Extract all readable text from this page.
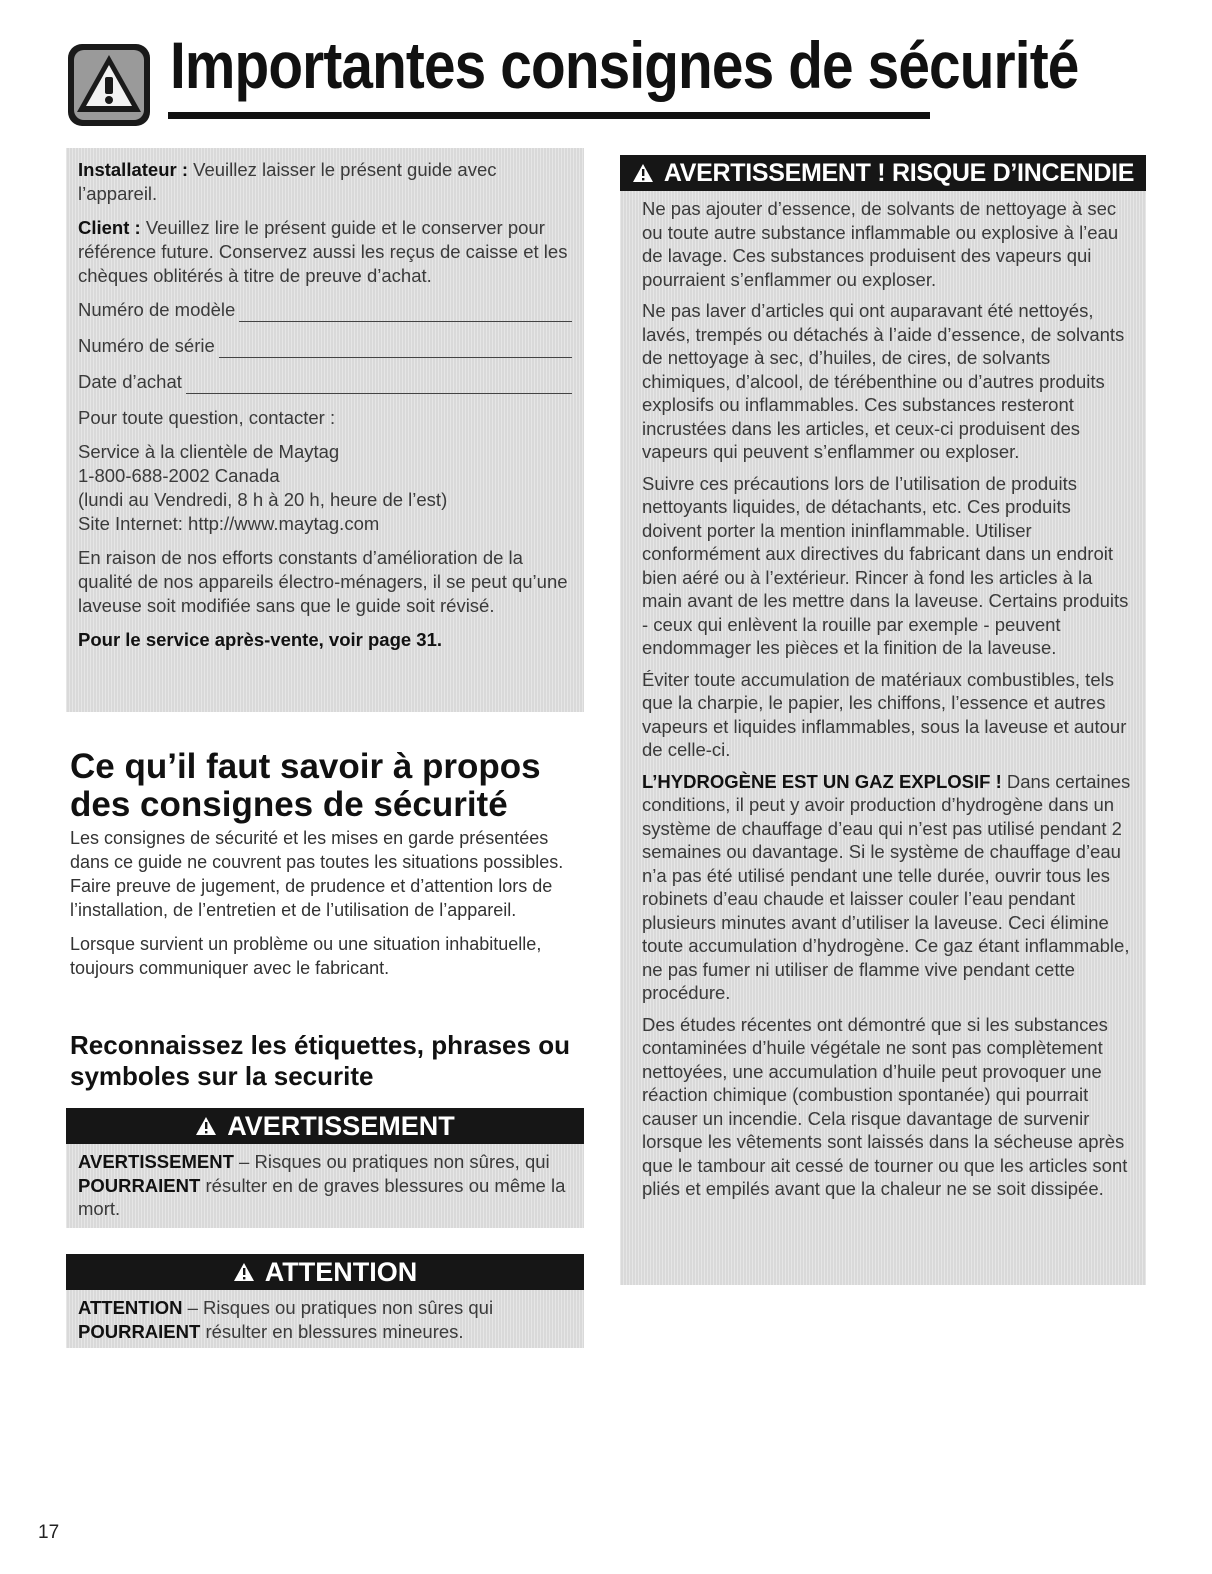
Importantes consignes de sécurité

Installateur : Veuillez laisser le présent guide avec l’appareil.

Client : Veuillez lire le présent guide et le conserver pour référence future. Conservez aussi les reçus de caisse et les chèques oblitérés à titre de preuve d’achat.

Numéro de modèle
Numéro de série
Date d’achat

Pour toute question, contacter :

Service à la clientèle de Maytag

1-800-688-2002 Canada

(lundi au Vendredi, 8 h à 20 h, heure de l’est)

Site Internet: http://www.maytag.com

En raison de nos efforts constants d’amélioration de la qualité de nos appareils électro-ménagers, il se peut qu’une laveuse soit modifiée sans que le guide soit révisé.

Pour le service après-vente, voir page 31.

Ce qu’il faut savoir à propos des consignes de sécurité

Les consignes de sécurité et les mises en garde présentées dans ce guide ne couvrent pas toutes les situations possibles. Faire preuve de jugement, de prudence et d’attention lors de l’installation, de l’entretien et de l’utilisation de l’appareil.

Lorsque survient un problème ou une situation inhabituelle, toujours communiquer avec le fabricant.

Reconnaissez les étiquettes, phrases ou symboles sur la securite
AVERTISSEMENT
AVERTISSEMENT – Risques ou pratiques non sûres, qui POURRAIENT résulter en de graves blessures ou même la mort.
ATTENTION
ATTENTION – Risques ou pratiques non sûres qui POURRAIENT résulter en blessures mineures.
AVERTISSEMENT ! RISQUE D’INCENDIE

Ne pas ajouter d’essence, de solvants de nettoyage à sec ou toute autre substance inflammable ou explosive à l’eau de lavage. Ces substances produisent des vapeurs qui pourraient s’enflammer ou exploser.

Ne pas laver d’articles qui ont auparavant été nettoyés, lavés, trempés ou détachés à l’aide d’essence, de solvants de nettoyage à sec, d’huiles, de cires, de solvants chimiques, d’alcool, de térébenthine ou d’autres produits explosifs ou inflammables. Ces substances resteront incrustées dans les articles, et ceux-ci produisent des vapeurs qui peuvent s’enflammer ou exploser.

Suivre ces précautions lors de l’utilisation de produits nettoyants liquides, de détachants, etc. Ces produits doivent porter la mention ininflammable. Utiliser conformément aux directives du fabricant dans un endroit bien aéré ou à l’extérieur. Rincer à fond les articles à la main avant de les mettre dans la laveuse. Certains produits - ceux qui enlèvent la rouille par exemple - peuvent endommager les pièces et la finition de la laveuse.

Éviter toute accumulation de matériaux combustibles, tels que la charpie, le papier, les chiffons, l’essence et autres vapeurs et liquides inflammables, sous la laveuse et autour de celle-ci.

L’HYDROGÈNE EST UN GAZ EXPLOSIF ! Dans certaines conditions, il peut y avoir production d’hydrogène dans un système de chauffage d’eau qui n’est pas utilisé pendant 2 semaines ou davantage. Si le système de chauffage d’eau n’a pas été utilisé pendant une telle durée, ouvrir tous les robinets d’eau chaude et laisser couler l’eau pendant plusieurs minutes avant d’utiliser la laveuse. Ceci élimine toute accumulation d’hydrogène. Ce gaz étant inflammable, ne pas fumer ni utiliser de flamme vive pendant cette procédure.

Des études récentes ont démontré que si les substances contaminées d’huile végétale ne sont pas complètement nettoyées, une accumulation d’huile peut provoquer une réaction chimique (combustion spontanée) qui pourrait causer un incendie. Cela risque davantage de survenir lorsque les vêtements sont laissés dans la sécheuse après que le tambour ait cessé de tourner ou que les articles sont pliés et empilés avant que la chaleur ne se soit dissipée.

17
